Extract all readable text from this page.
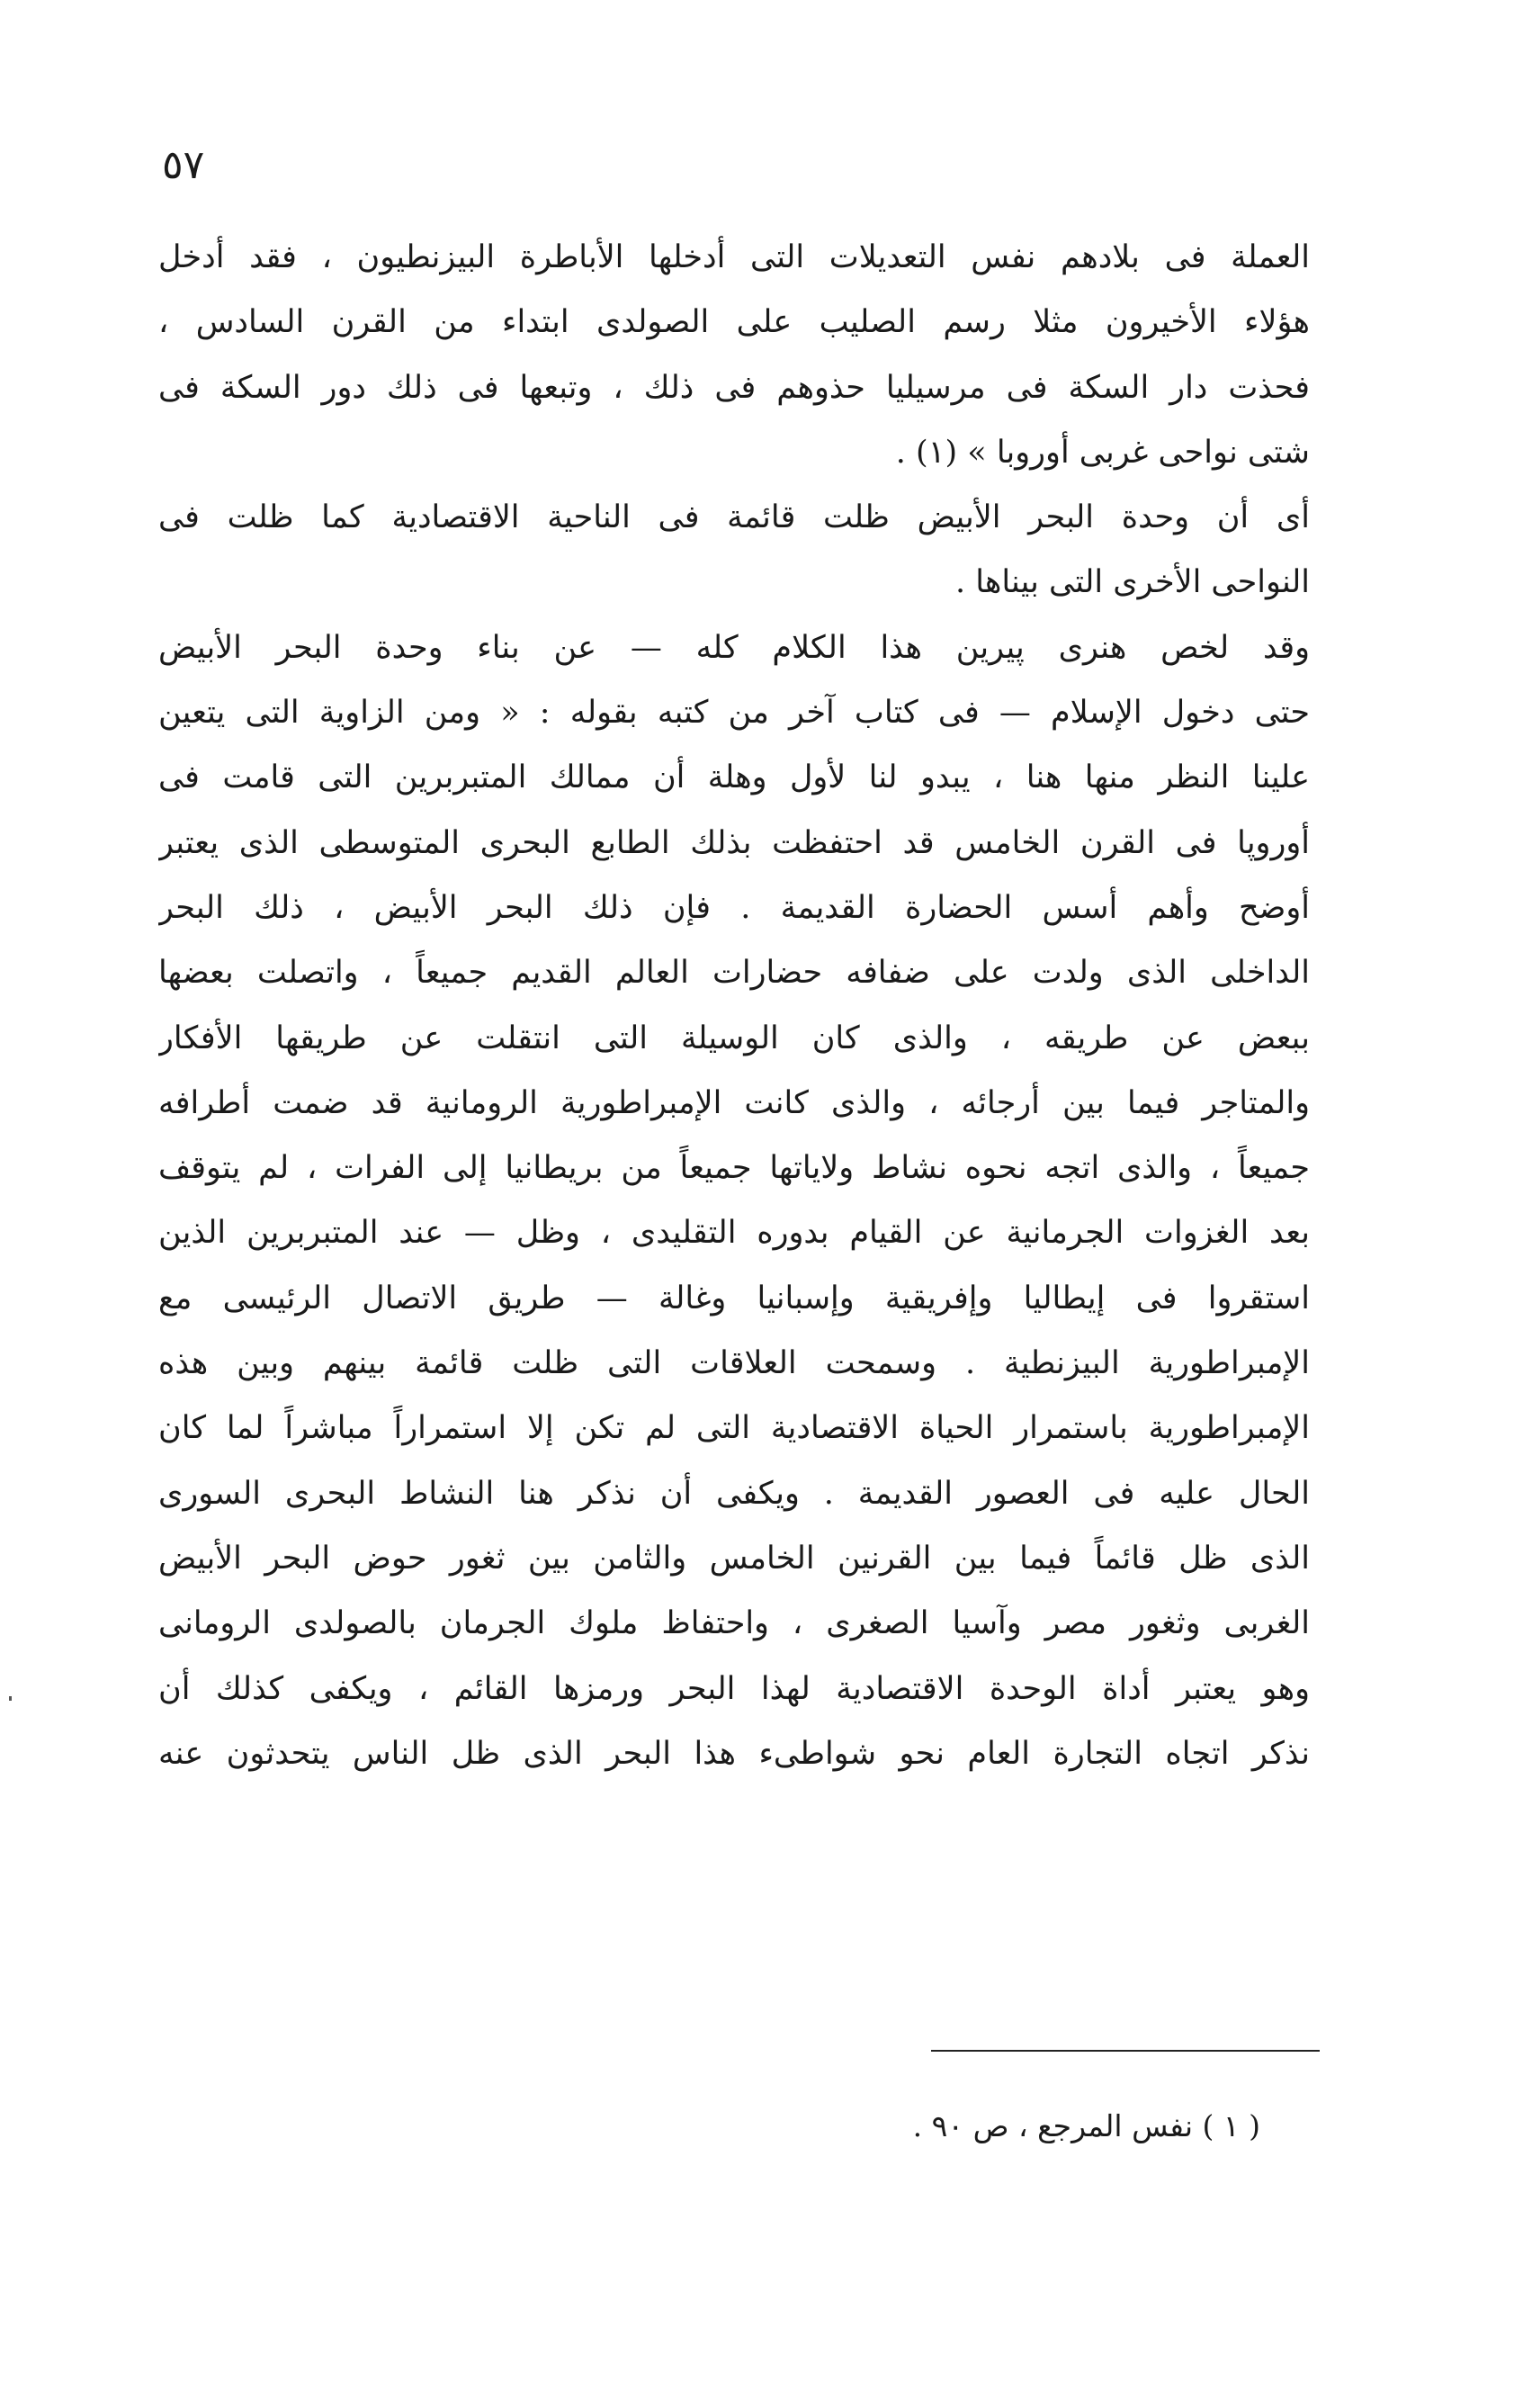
٥٧
العملة فى بلادهم نفس التعديلات التى أدخلها الأباطرة البيزنطيون ، فقد أدخل
هؤلاء الأخيرون مثلا رسم الصليب على الصولدى ابتداء من القرن السادس ،
فحذت دار السكة فى مرسيليا حذوهم فى ذلك ، وتبعها فى ذلك دور السكة فى
شتى نواحى غربى أوروبا » (١) .
أى أن وحدة البحر الأبيض ظلت قائمة فى الناحية الاقتصادية كما ظلت فى
النواحى الأخرى التى بيناها .
وقد لخص هنرى پيرين هذا الكلام كله — عن بناء وحدة البحر الأبيض
حتى دخول الإسلام — فى كتاب آخر من كتبه بقوله : « ومن الزاوية التى يتعين
علينا النظر منها هنا ، يبدو لنا لأول وهلة أن ممالك المتبربرين التى قامت فى
أوروپا فى القرن الخامس قد احتفظت بذلك الطابع البحرى المتوسطى الذى يعتبر
أوضح وأهم أسس الحضارة القديمة . فإن ذلك البحر الأبيض ، ذلك البحر
الداخلى الذى ولدت على ضفافه حضارات العالم القديم جميعاً ، واتصلت بعضها
ببعض عن طريقه ، والذى كان الوسيلة التى انتقلت عن طريقها الأفكار
والمتاجر فيما بين أرجائه ، والذى كانت الإمبراطورية الرومانية قد ضمت أطرافه
جميعاً ، والذى اتجه نحوه نشاط ولاياتها جميعاً من بريطانيا إلى الفرات ، لم يتوقف
بعد الغزوات الجرمانية عن القيام بدوره التقليدى ، وظل — عند المتبربرين الذين
استقروا فى إيطاليا وإفريقية وإسبانيا وغالة — طريق الاتصال الرئيسى مع
الإمبراطورية البيزنطية . وسمحت العلاقات التى ظلت قائمة بينهم وبين هذه
الإمبراطورية باستمرار الحياة الاقتصادية التى لم تكن إلا استمراراً مباشراً لما كان
الحال عليه فى العصور القديمة . ويكفى أن نذكر هنا النشاط البحرى السورى
الذى ظل قائماً فيما بين القرنين الخامس والثامن بين ثغور حوض البحر الأبيض
الغربى وثغور مصر وآسيا الصغرى ، واحتفاظ ملوك الجرمان بالصولدى الرومانى
وهو يعتبر أداة الوحدة الاقتصادية لهذا البحر ورمزها القائم ، ويكفى كذلك أن
نذكر اتجاه التجارة العام نحو شواطىء هذا البحر الذى ظل الناس يتحدثون عنه
( ١ ) نفس المرجع ، ص ٩٠ .
